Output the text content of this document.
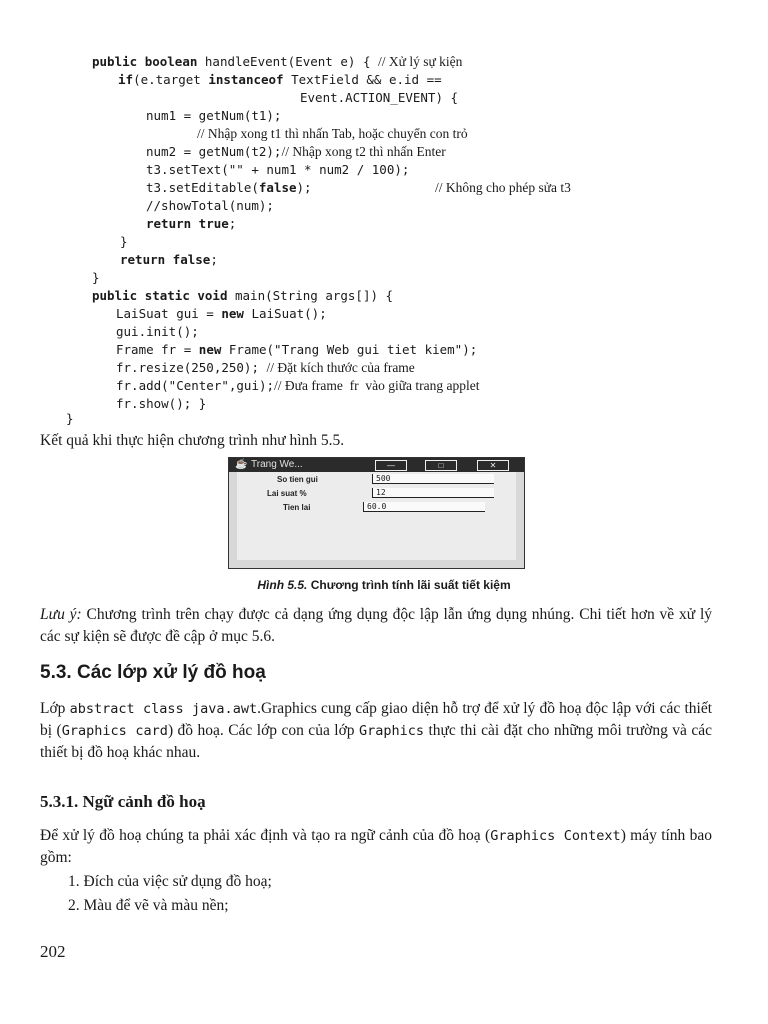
public boolean handleEvent(Event e) { // Xử lý sự kiện
if(e.target instanceof TextField && e.id ==
Event.ACTION_EVENT) {
num1 = getNum(t1);
// Nhập xong t1 thì nhấn Tab, hoặc chuyển con trỏ
num2 = getNum(t2);// Nhập xong t2 thì nhấn Enter
t3.setText("" + num1 * num2 / 100);
t3.setEditable(false);	// Không cho phép sửa t3
//showTotal(num);
return true;
}
return false;
}
public static void main(String args[]) {
LaiSuat gui = new LaiSuat();
gui.init();
Frame fr = new Frame("Trang Web gui tiet kiem");
fr.resize(250,250); // Đặt kích thước của frame
fr.add("Center",gui);// Đưa frame  fr  vào giữa trang applet
fr.show(); }
}
Kết quả khi thực hiện chương trình như hình 5.5.
☕ Trang We...	—	□	✕
So tien gui	500
Lai suat %	12
Tien lai	60.0
Hình 5.5. Chương trình tính lãi suất tiết kiệm
Lưu ý: Chương trình trên chạy được cả dạng ứng dụng độc lập lẫn ứng dụng nhúng. Chi tiết hơn về xử lý các sự kiện sẽ được đề cập ở mục 5.6.
5.3. Các lớp xử lý đồ hoạ
Lớp abstract class java.awt.Graphics cung cấp giao diện hỗ trợ để xử lý đồ hoạ độc lập với các thiết bị (Graphics card) đồ hoạ. Các lớp con của lớp Graphics thực thi cài đặt cho những môi trường và các thiết bị đồ hoạ khác nhau.
5.3.1. Ngữ cảnh đồ hoạ
Để xử lý đồ hoạ chúng ta phải xác định và tạo ra ngữ cảnh của đồ hoạ (Graphics Context) máy tính bao gồm:
1. Đích của việc sử dụng đồ hoạ;
2. Màu để vẽ và màu nền;
202
